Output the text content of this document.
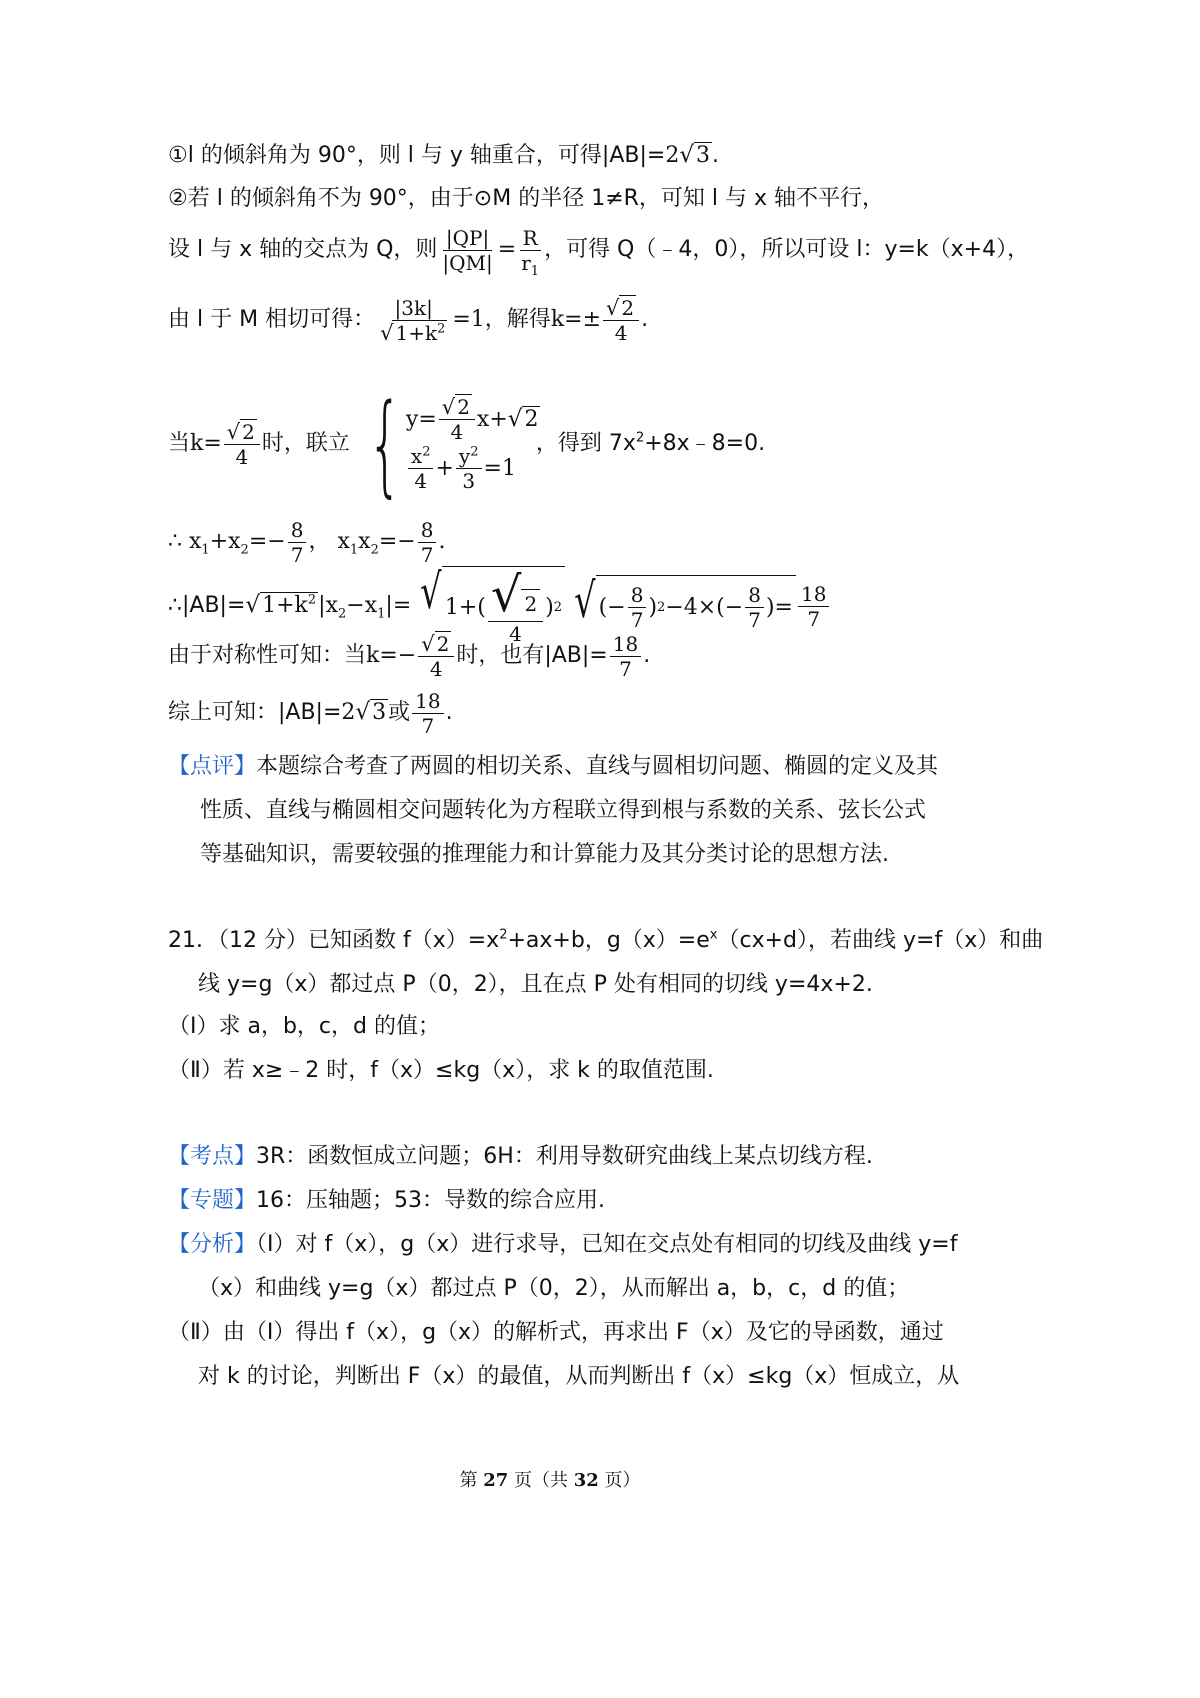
①l 的倾斜角为 90°，则 l 与 y 轴重合，可得|AB|=2√3.
②若 l 的倾斜角不为 90°，由于⊙M 的半径 1≠R，可知 l 与 x 轴不平行，
设 l 与 x 轴的交点为 Q，则 $\frac{|QP|}{|QM|} = \frac{R}{r_1}$ ，可得 Q（﹣4，0），所以可设 l：y=k（x+4），
由 l 于 M 相切可得： $\frac{|3k|}{√ 1+k^2} =1$，解得$k=\pm \frac{√ 2}{4}$ .
当$k= \frac{√ 2}{4}$ 时，联立 { $y= \frac{√ 2}{4} x+ √2$
$x^2$
4
+ $\frac{y^2}{3} =1$
，得到 $7x^2+8x﹣8=0$.
∴ $x_1+x_2=- \frac{8}{7}$ ， $x_1x_2=- \frac{8}{7}$ .
$\therefore|AB|=√1+k^2|x_2-x_1|=$ √ 1+( √ 2
4
) 2 √ (− $\frac{8}{7}$ ) $2 -4\times(- \frac{8}{7}$ )= $\frac{18}{7}$
由于对称性可知：当$k=- \frac{√ 2}{4}$ 时，也有$|AB|= \frac{18}{7}$ .
综上可知：|AB|=2√3或 $\frac{18}{7}$ .
【点评】本题综合考查了两圆的相切关系、直线与圆相切问题、椭圆的定义及其
性质、直线与椭圆相交问题转化为方程联立得到根与系数的关系、弦长公式
等基础知识，需要较强的推理能力和计算能力及其分类讨论的思想方法.
21．（12 分）已知函数 $f(x)=x^2+ax+b$，$g(x)=e^x(cx+d)$，若曲线 y=f（x）和曲
线 y=g（x）都过点 P（0，2），且在点 P 处有相同的切线 y=4x+2.
（Ⅰ）求 a，b，c，d 的值；
（Ⅱ）若 x≥﹣2 时，f（x）≤kg（x），求 k 的取值范围.
【考点】3R：函数恒成立问题；6H：利用导数研究曲线上某点切线方程.
【专题】16：压轴题；53：导数的综合应用.
【分析】（Ⅰ）对 f（x），g（x）进行求导，已知在交点处有相同的切线及曲线 y=f
（x）和曲线 y=g（x）都过点 P（0，2），从而解出 a，b，c，d 的值；
（Ⅱ）由（I）得出 f（x），g（x）的解析式，再求出 F（x）及它的导函数，通过
对 k 的讨论，判断出 F（x）的最值，从而判断出 f（x）≤kg（x）恒成立，从
第 27 页（共 32 页）
